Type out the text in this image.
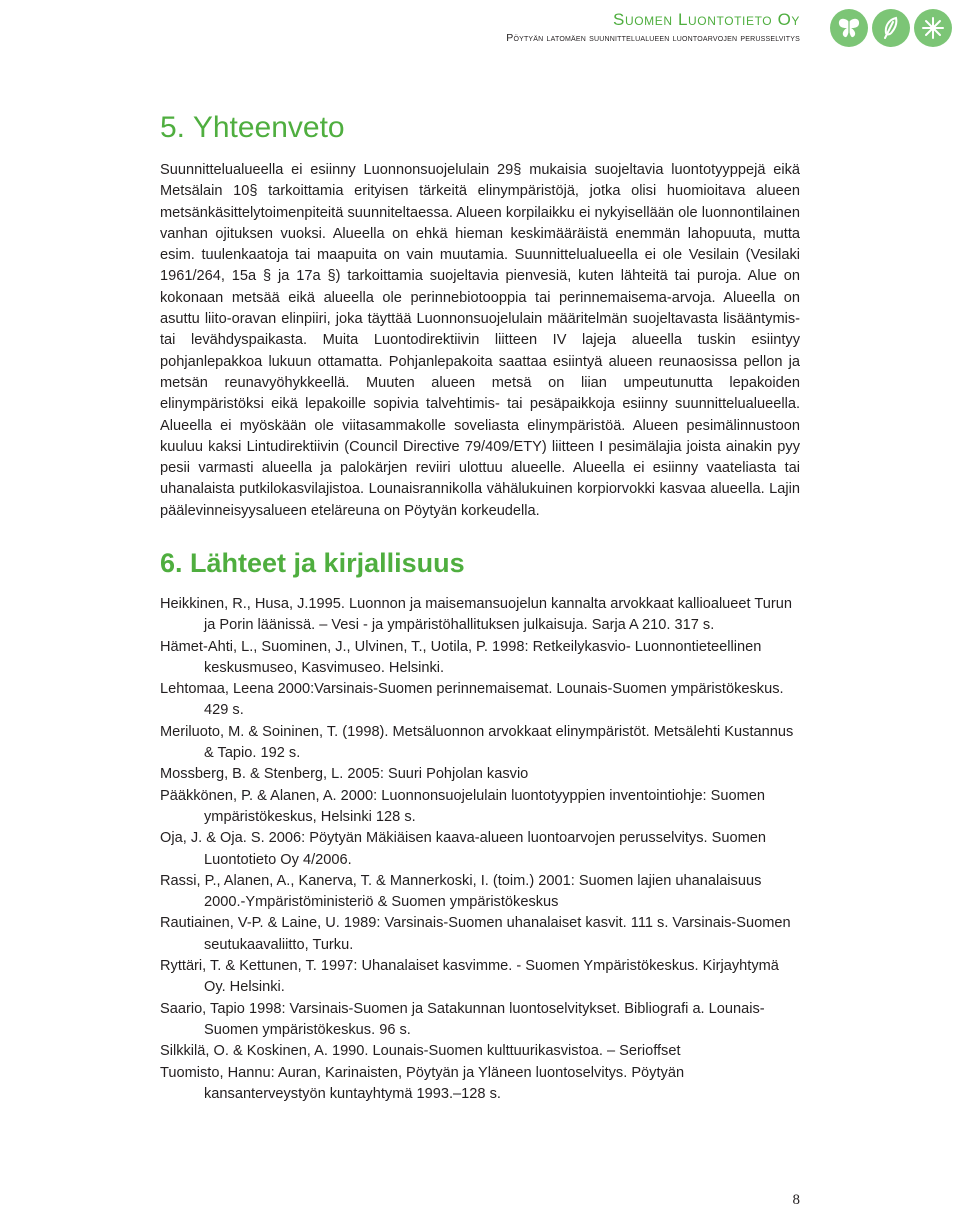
Suomen Luontotieto Oy
Pöytyän latomäen suunnittelualueen luontoarvojen perusselvitys
5. Yhteenveto

Suunnittelualueella ei esiinny Luonnonsuojelulain 29§ mukaisia suojeltavia luontotyyppejä eikä Metsälain 10§ tarkoittamia erityisen tärkeitä elinympäristöjä, jotka olisi huomioitava alueen metsänkäsittelytoimenpiteitä suunniteltaessa. Alueen korpilaikku ei nykyisellään ole luonnontilainen vanhan ojituksen vuoksi. Alueella on ehkä hieman keskimääräistä enemmän lahopuuta, mutta esim. tuulenkaatoja tai maapuita on vain muutamia. Suunnittelualueella ei ole Vesilain (Vesilaki 1961/264, 15a § ja 17a §) tarkoittamia suojeltavia pienvesiä, kuten lähteitä tai puroja. Alue on kokonaan metsää eikä alueella ole perinnebiotooppia tai perinnemaisema-arvoja. Alueella on asuttu liito-oravan elinpiiri, joka täyttää Luonnonsuojelulain määritelmän suojeltavasta lisääntymis- tai levähdyspaikasta. Muita Luontodirektiivin liitteen IV lajeja alueella tuskin esiintyy pohjanlepakkoa lukuun ottamatta. Pohjanlepakoita saattaa esiintyä alueen reunaosissa pellon ja metsän reunavyöhykkeellä. Muuten alueen metsä on liian umpeutunutta lepakoiden elinympäristöksi eikä lepakoille sopivia talvehtimis- tai pesäpaikkoja esiinny suunnittelualueella. Alueella ei myöskään ole viitasammakolle soveliasta elinympäristöä. Alueen pesimälinnustoon kuuluu kaksi Lintudirektiivin (Council Directive 79/409/ETY) liitteen I pesimälajia joista ainakin pyy pesii varmasti alueella ja palokärjen reviiri ulottuu alueelle. Alueella ei esiinny vaateliasta tai uhanalaista putkilokasvilajistoa. Lounaisrannikolla vähälukuinen korpiorvokki kasvaa alueella. Lajin päälevinneisyysalueen eteläreuna on Pöytyän korkeudella.

6. Lähteet ja kirjallisuus

Heikkinen, R., Husa, J.1995. Luonnon ja maisemansuojelun kannalta arvokkaat kallioalueet Turun ja Porin läänissä. – Vesi - ja ympäristöhallituksen julkaisuja. Sarja A 210. 317 s.

Hämet-Ahti, L., Suominen, J., Ulvinen, T., Uotila, P. 1998: Retkeilykasvio- Luonnontieteellinen keskusmuseo, Kasvimuseo. Helsinki.

Lehtomaa, Leena 2000:Varsinais-Suomen perinnemaisemat. Lounais-Suomen ympäristökeskus. 429 s.

Meriluoto, M. & Soininen, T. (1998). Metsäluonnon arvokkaat elinympäristöt. Metsälehti Kustannus & Tapio. 192 s.

Mossberg, B. & Stenberg, L. 2005: Suuri Pohjolan kasvio

Pääkkönen, P. & Alanen, A. 2000: Luonnonsuojelulain luontotyyppien inventointiohje: Suomen ympäristökeskus, Helsinki 128 s.

Oja, J. & Oja. S. 2006: Pöytyän Mäkiäisen kaava-alueen luontoarvojen perusselvitys. Suomen Luontotieto Oy 4/2006.

Rassi, P., Alanen, A., Kanerva, T. & Mannerkoski, I. (toim.) 2001: Suomen lajien uhanalaisuus 2000.-Ympäristöministeriö & Suomen ympäristökeskus

Rautiainen, V-P. & Laine, U. 1989: Varsinais-Suomen uhanalaiset kasvit. 111 s. Varsinais-Suomen seutukaavaliitto, Turku.

Ryttäri, T. & Kettunen, T. 1997: Uhanalaiset kasvimme. - Suomen Ympäristökeskus. Kirjayhtymä Oy. Helsinki.

Saario, Tapio 1998: Varsinais-Suomen ja Satakunnan luontoselvitykset. Bibliografi a. Lounais-Suomen ympäristökeskus. 96 s.

Silkkilä, O. & Koskinen, A. 1990. Lounais-Suomen kulttuurikasvistoa. – Serioffset

Tuomisto, Hannu: Auran, Karinaisten, Pöytyän ja Yläneen luontoselvitys. Pöytyän kansanterveystyön kuntayhtymä 1993.–128 s.

8
